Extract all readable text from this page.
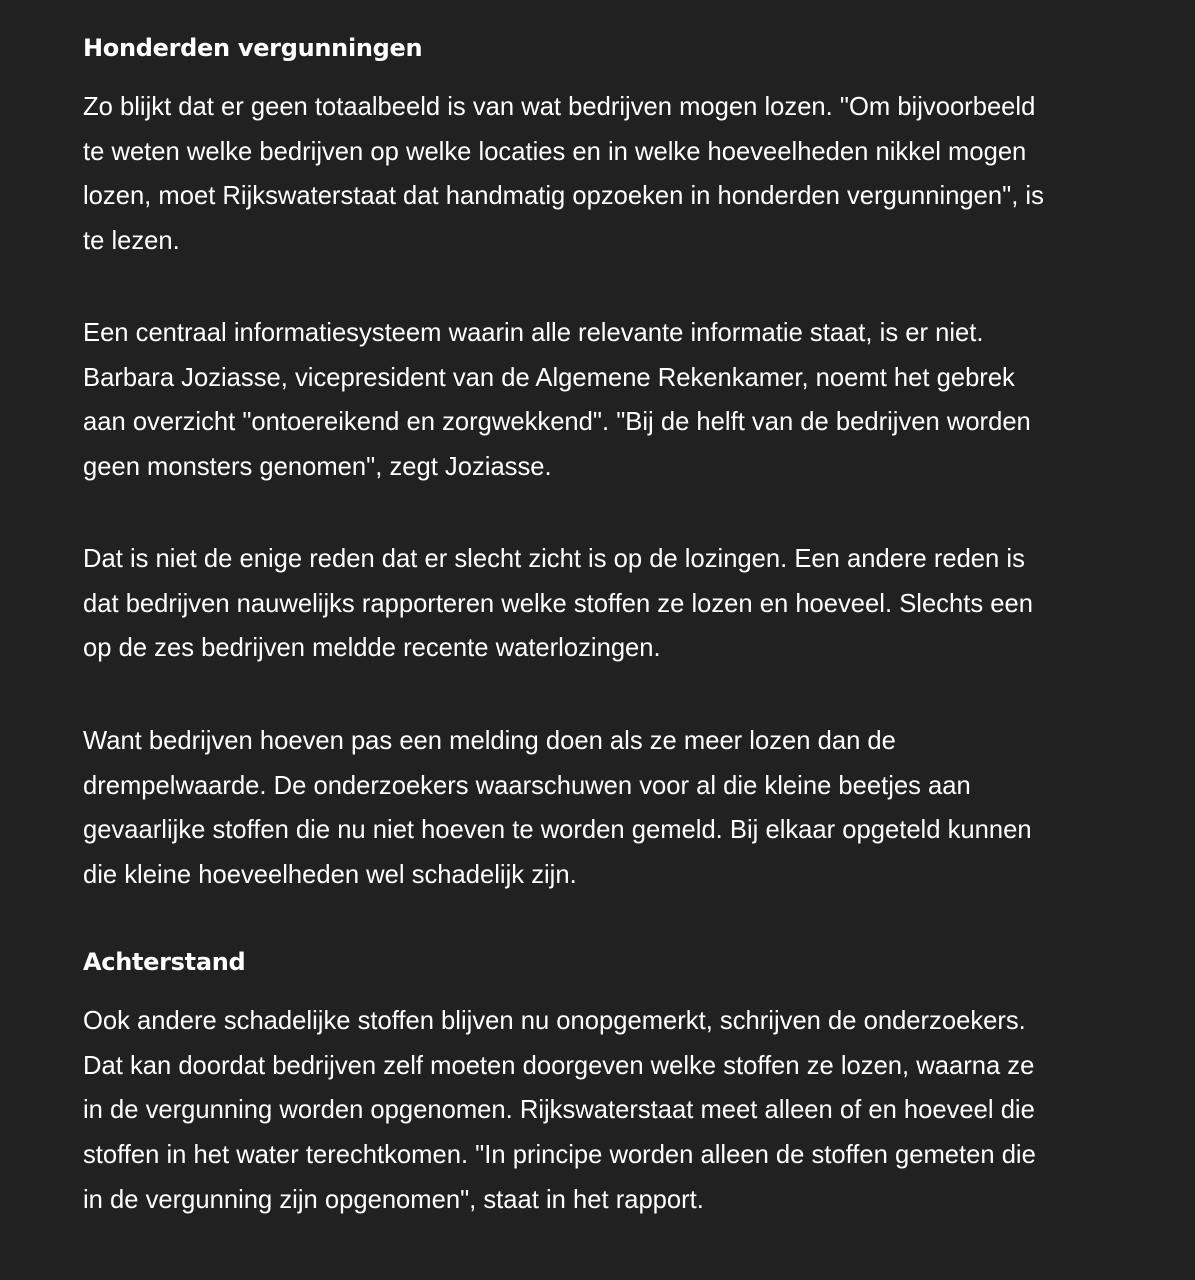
Honderden vergunningen

Zo blijkt dat er geen totaalbeeld is van wat bedrijven mogen lozen. "Om bijvoorbeeld te weten welke bedrijven op welke locaties en in welke hoeveelheden nikkel mogen lozen, moet Rijkswaterstaat dat handmatig opzoeken in honderden vergunningen", is te lezen.

Een centraal informatiesysteem waarin alle relevante informatie staat, is er niet. Barbara Joziasse, vicepresident van de Algemene Rekenkamer, noemt het gebrek aan overzicht "ontoereikend en zorgwekkend". "Bij de helft van de bedrijven worden geen monsters genomen", zegt Joziasse.

Dat is niet de enige reden dat er slecht zicht is op de lozingen. Een andere reden is dat bedrijven nauwelijks rapporteren welke stoffen ze lozen en hoeveel. Slechts een op de zes bedrijven meldde recente waterlozingen.

Want bedrijven hoeven pas een melding doen als ze meer lozen dan de drempelwaarde. De onderzoekers waarschuwen voor al die kleine beetjes aan gevaarlijke stoffen die nu niet hoeven te worden gemeld. Bij elkaar opgeteld kunnen die kleine hoeveelheden wel schadelijk zijn.

Achterstand

Ook andere schadelijke stoffen blijven nu onopgemerkt, schrijven de onderzoekers. Dat kan doordat bedrijven zelf moeten doorgeven welke stoffen ze lozen, waarna ze in de vergunning worden opgenomen. Rijkswaterstaat meet alleen of en hoeveel die stoffen in het water terechtkomen. "In principe worden alleen de stoffen gemeten die in de vergunning zijn opgenomen", staat in het rapport.
